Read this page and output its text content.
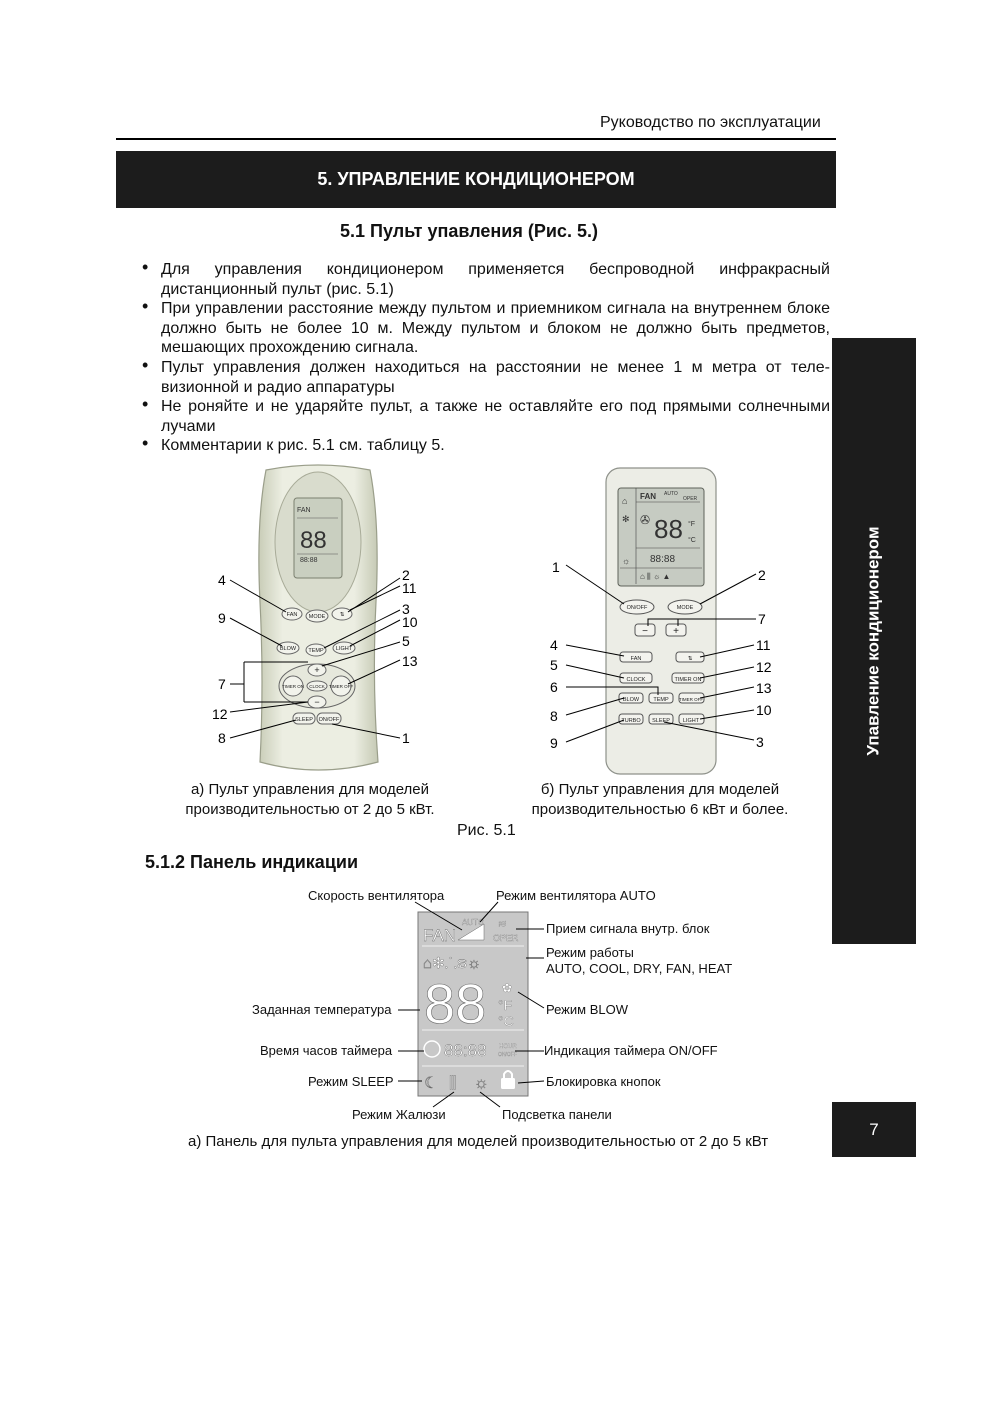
Руководство по эксплуатации
5. УПРАВЛЕНИЕ КОНДИЦИОНЕРОМ
5.1 Пульт упавления (Рис. 5.)
• Для управления кондиционером применяется беспроводной инфракрасный дистанционный пульт (рис. 5.1)
• При управлении расстояние между пультом и приемником сигнала на внутреннем блоке должно быть не более 10 м. Между пультом и блоком не должно быть предметов, мешающих прохождению сигнала.
• Пульт управления должен находиться на расстоянии не менее 1 м метра от теле-визионной и радио аппаратуры
• Не роняйте и не ударяйте пульт, а также не оставляйте его под прямыми солнечными лучами
• Комментарии к рис. 5.1 см. таблицу 5.
Упавление кондиционером
7
FAN
88
88:88
FAN MODE	⇅
BLOW TEMP LIGHT
+
−
TIMER ON CLOCK TIMER OFF
SLEEP ON/OFF
4
9
7
12
8
2
11
3
10
5
13
1
а) Пульт управления для моделей
производительностью от 2 до 5 кВт.
FAN AUTO
OPER
88 °F
°C
88:88
✇
⌂
✻
☼
⌂ ⫼ ☼ ▲
ON/OFF	MODE
−	+
FAN	⇅
CLOCK	TIMER ON
BLOW	TEMP TIMER OFF
TURBO SLEEP LIGHT
1
4
5
6
8
9
2
7
11
12
13
10
3
б) Пульт управления для моделей
производительностью 6 кВт и более.
Рис. 5.1
5.1.2 Панель индикации
FAN
AUTO
OPER
≋
⌂✻⸫ຣ☼
88 ✿
°F
°C
88:88 HOUR
ON/OFF
☾ ⫼ ☼
Скорость вентилятора	Режим вентилятора AUTO
Прием сигнала внутр. блок
Режим работы
AUTO, COOL, DRY, FAN, HEAT
Заданная температура	Режим BLOW
Время часов таймера	Индикация таймера ON/OFF
Режим SLEEP	Блокировка кнопок
Режим Жалюзи	Подсветка панели
а) Панель для пульта управления для моделей производительностью от 2 до 5 кВт
